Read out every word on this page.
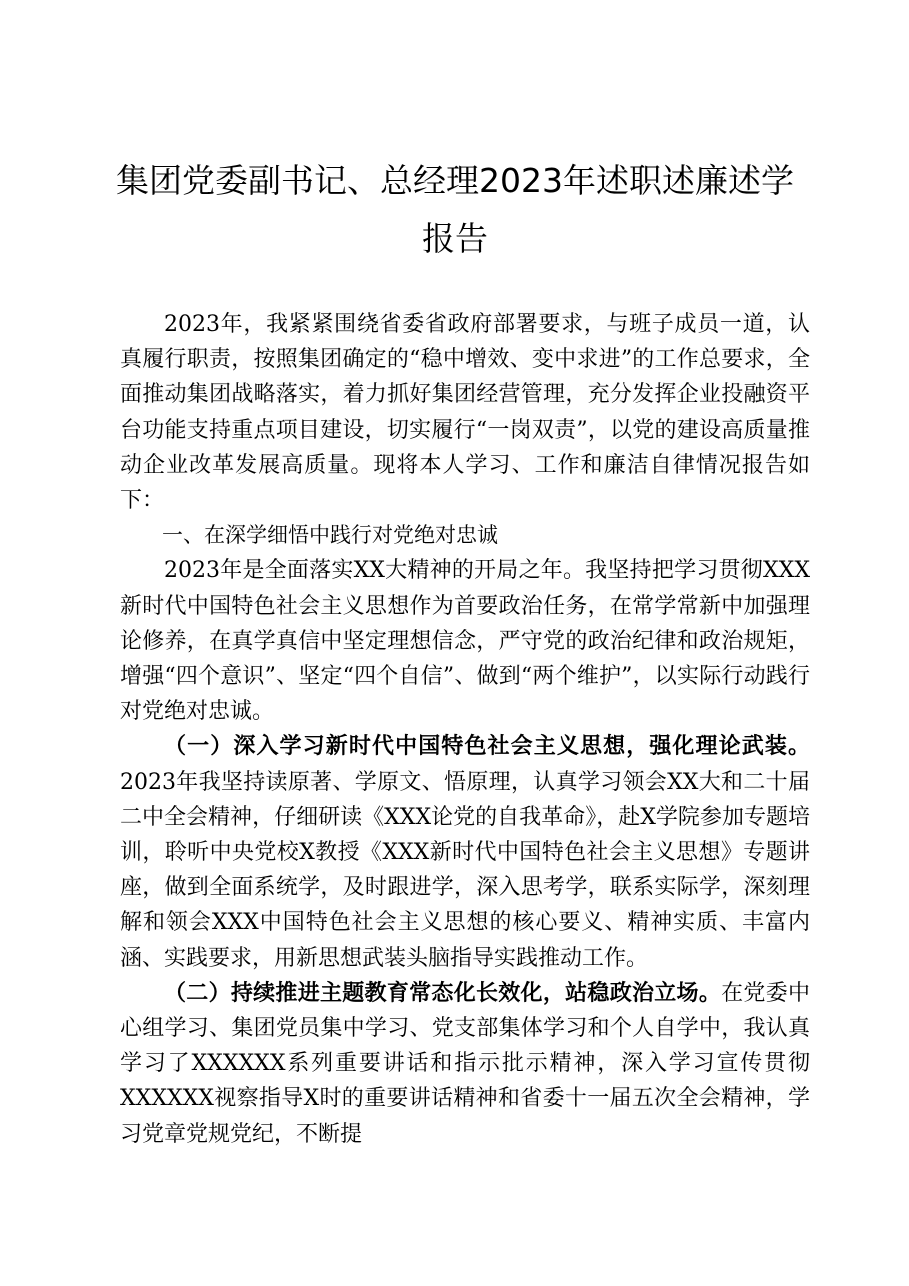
集团党委副书记、总经理2023年述职述廉述学报告

2023年，我紧紧围绕省委省政府部署要求，与班子成员一道，认真履行职责，按照集团确定的“稳中增效、变中求进”的工作总要求，全面推动集团战略落实，着力抓好集团经营管理，充分发挥企业投融资平台功能支持重点项目建设，切实履行“一岗双责”，以党的建设高质量推动企业改革发展高质量。现将本人学习、工作和廉洁自律情况报告如下：

一、在深学细悟中践行对党绝对忠诚

2023年是全面落实XX大精神的开局之年。我坚持把学习贯彻XXX新时代中国特色社会主义思想作为首要政治任务，在常学常新中加强理论修养，在真学真信中坚定理想信念，严守党的政治纪律和政治规矩，增强“四个意识”、坚定“四个自信”、做到“两个维护”，以实际行动践行对党绝对忠诚。

（一）深入学习新时代中国特色社会主义思想，强化理论武装。2023年我坚持读原著、学原文、悟原理，认真学习领会XX大和二十届二中全会精神，仔细研读《XXX论党的自我革命》，赴X学院参加专题培训，聆听中央党校X教授《XXX新时代中国特色社会主义思想》专题讲座，做到全面系统学，及时跟进学，深入思考学，联系实际学，深刻理解和领会XXX中国特色社会主义思想的核心要义、精神实质、丰富内涵、实践要求，用新思想武装头脑指导实践推动工作。

（二）持续推进主题教育常态化长效化，站稳政治立场。在党委中心组学习、集团党员集中学习、党支部集体学习和个人自学中，我认真学习了XXXXXX系列重要讲话和指示批示精神，深入学习宣传贯彻XXXXXX视察指导X时的重要讲话精神和省委十一届五次全会精神，学习党章党规党纪，不断提
